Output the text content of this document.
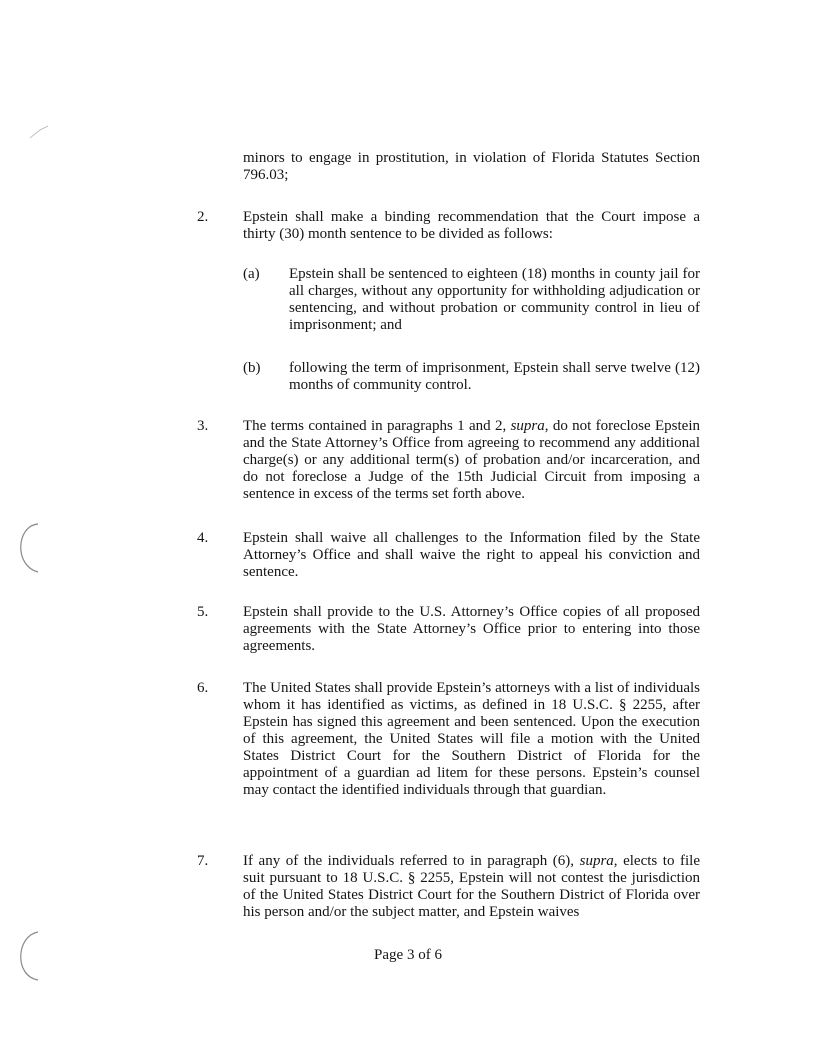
minors to engage in prostitution, in violation of Florida Statutes Section 796.03;
2. Epstein shall make a binding recommendation that the Court impose a thirty (30) month sentence to be divided as follows:
(a) Epstein shall be sentenced to eighteen (18) months in county jail for all charges, without any opportunity for withholding adjudication or sentencing, and without probation or community control in lieu of imprisonment; and
(b) following the term of imprisonment, Epstein shall serve twelve (12) months of community control.
3. The terms contained in paragraphs 1 and 2, supra, do not foreclose Epstein and the State Attorney’s Office from agreeing to recommend any additional charge(s) or any additional term(s) of probation and/or incarceration, and do not foreclose a Judge of the 15th Judicial Circuit from imposing a sentence in excess of the terms set forth above.
4. Epstein shall waive all challenges to the Information filed by the State Attorney’s Office and shall waive the right to appeal his conviction and sentence.
5. Epstein shall provide to the U.S. Attorney’s Office copies of all proposed agreements with the State Attorney’s Office prior to entering into those agreements.
6. The United States shall provide Epstein’s attorneys with a list of individuals whom it has identified as victims, as defined in 18 U.S.C. § 2255, after Epstein has signed this agreement and been sentenced. Upon the execution of this agreement, the United States will file a motion with the United States District Court for the Southern District of Florida for the appointment of a guardian ad litem for these persons. Epstein’s counsel may contact the identified individuals through that guardian.
7. If any of the individuals referred to in paragraph (6), supra, elects to file suit pursuant to 18 U.S.C. § 2255, Epstein will not contest the jurisdiction of the United States District Court for the Southern District of Florida over his person and/or the subject matter, and Epstein waives
Page 3 of 6
